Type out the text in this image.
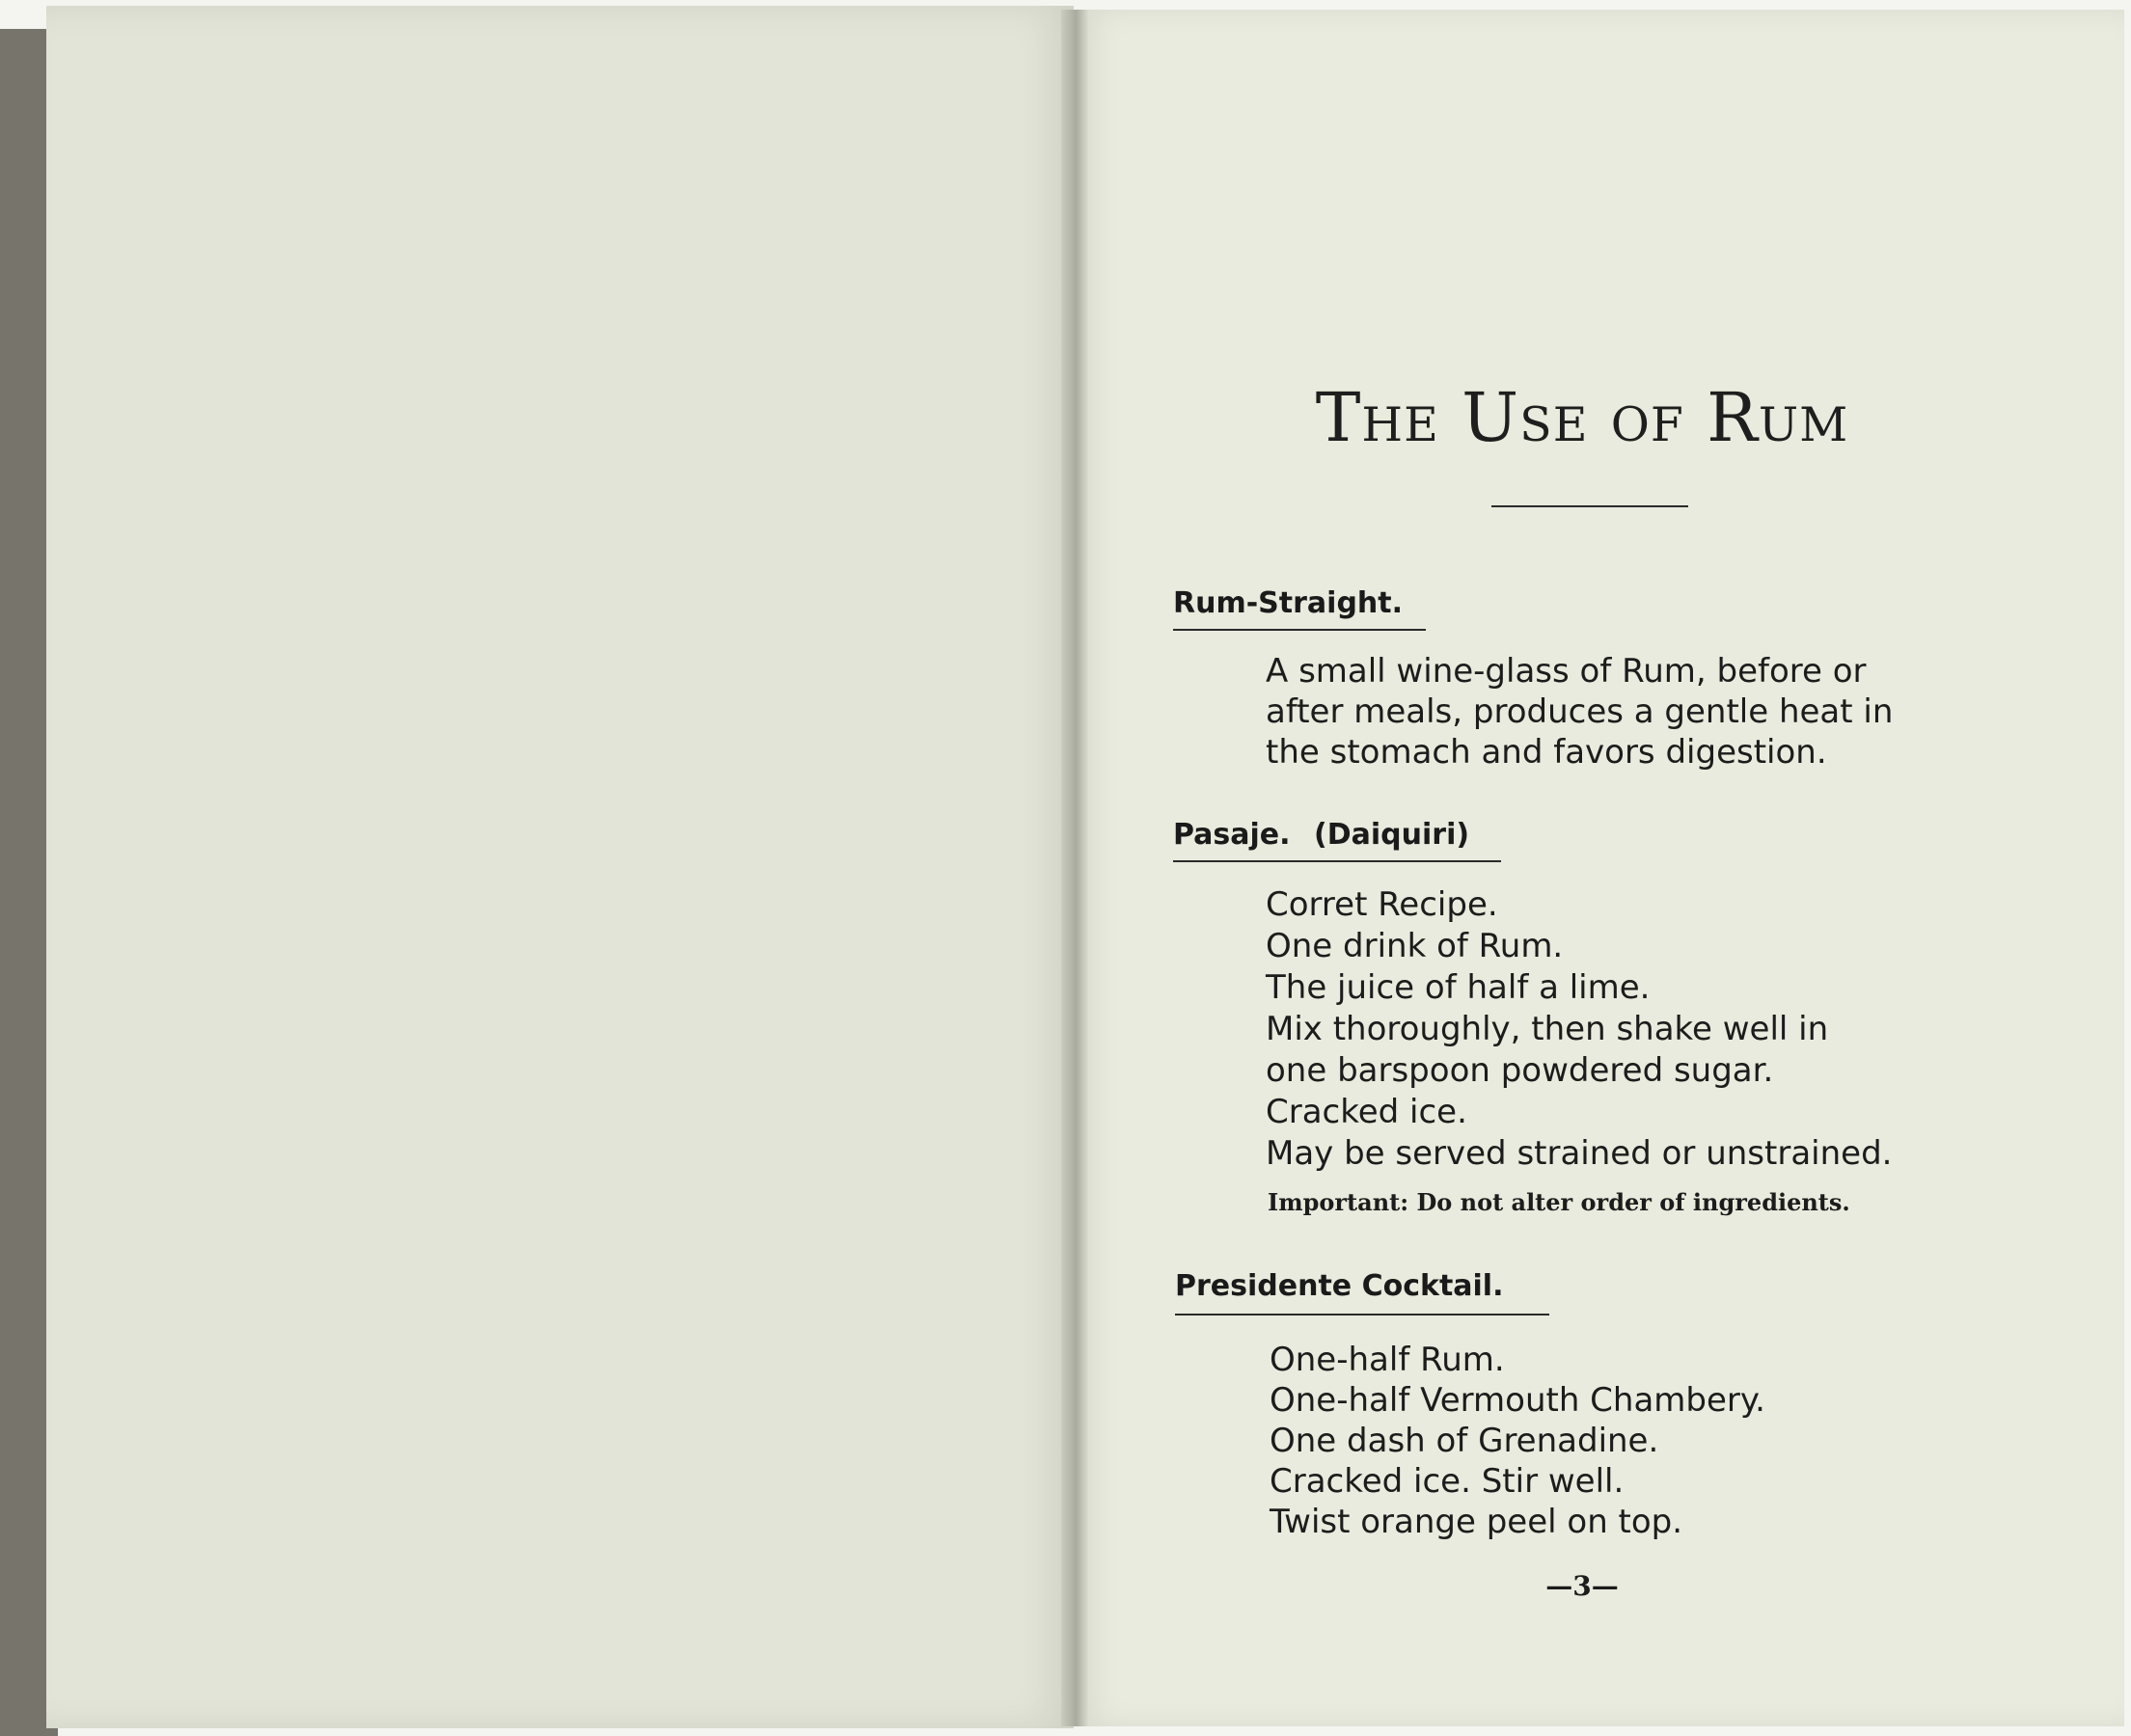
The Use of Rum
Rum-Straight.
A small wine-glass of Rum, before or
after meals, produces a gentle heat in
the stomach and favors digestion.
Pasaje. (Daiquiri)
Corret Recipe.
One drink of Rum.
The juice of half a lime.
Mix thoroughly, then shake well in
one barspoon powdered sugar.
Cracked ice.
May be served strained or unstrained.
Important: Do not alter order of ingredients.
Presidente Cocktail.
One-half Rum.
One-half Vermouth Chambery.
One dash of Grenadine.
Cracked ice. Stir well.
Twist orange peel on top.
—3—
